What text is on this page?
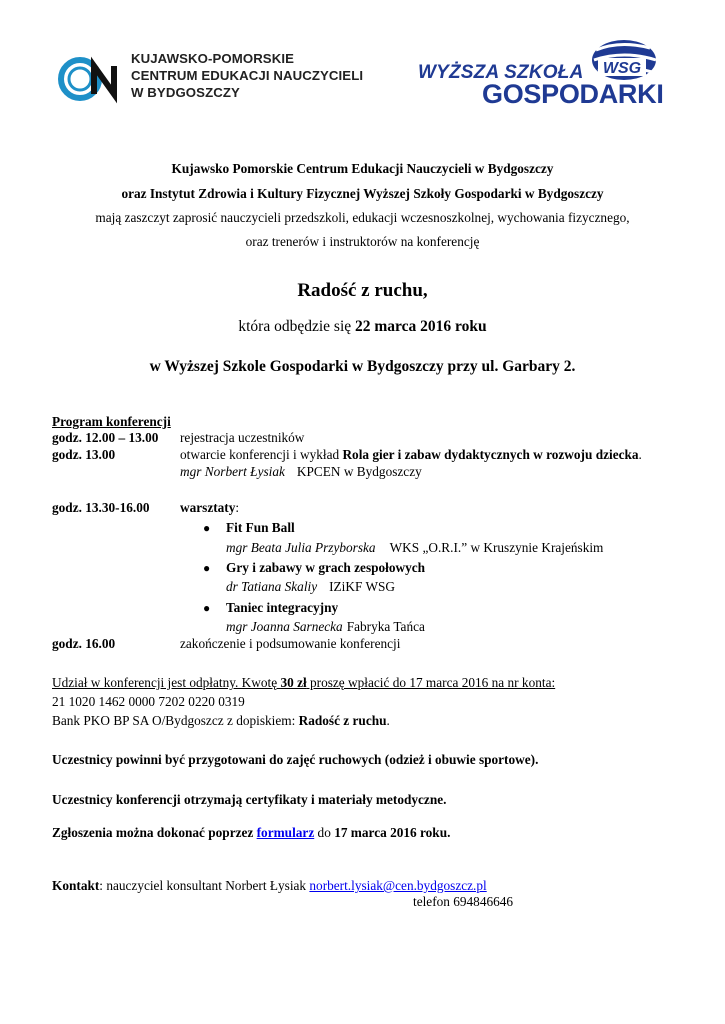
KUJAWSKO-POMORSKIE
CENTRUM EDUKACJI NAUCZYCIELI
W BYDGOSZCZY
WSG
WYŻSZA SZKOŁA
GOSPODARKI
Kujawsko Pomorskie Centrum Edukacji Nauczycieli w Bydgoszczy
oraz Instytut Zdrowia i Kultury Fizycznej Wyższej Szkoły Gospodarki w Bydgoszczy
mają zaszczyt zaprosić nauczycieli przedszkoli, edukacji wczesnoszkolnej, wychowania fizycznego,
oraz trenerów i instruktorów na konferencję
Radość z ruchu,
która odbędzie się 22 marca 2016 roku
w Wyższej Szkole Gospodarki w Bydgoszczy przy ul. Garbary 2.
Program konferencji
godz. 12.00 – 13.00 rejestracja uczestników
godz. 13.00	otwarcie konferencji i wykład Rola gier i zabaw dydaktycznych w rozwoju dziecka.
mgr Norbert Łysiak KPCEN w Bydgoszczy
godz. 13.30-16.00 warsztaty:
● Fit Fun Ball
mgr Beata Julia Przyborska WKS „O.R.I.” w Kruszynie Krajeńskim
● Gry i zabawy w grach zespołowych
dr Tatiana Skaliy IZiKF WSG
● Taniec integracyjny
mgr Joanna Sarnecka Fabryka Tańca
godz. 16.00	zakończenie i podsumowanie konferencji
Udział w konferencji jest odpłatny. Kwotę 30 zł proszę wpłacić do 17 marca 2016 na nr konta:
21 1020 1462 0000 7202 0220 0319
Bank PKO BP SA O/Bydgoszcz z dopiskiem: Radość z ruchu.
Uczestnicy powinni być przygotowani do zajęć ruchowych (odzież i obuwie sportowe).
Uczestnicy konferencji otrzymają certyfikaty i materiały metodyczne.
Zgłoszenia można dokonać poprzez formularz do 17 marca 2016 roku.
Kontakt: nauczyciel konsultant Norbert Łysiak norbert.lysiak@cen.bydgoszcz.pl
telefon 694846646
